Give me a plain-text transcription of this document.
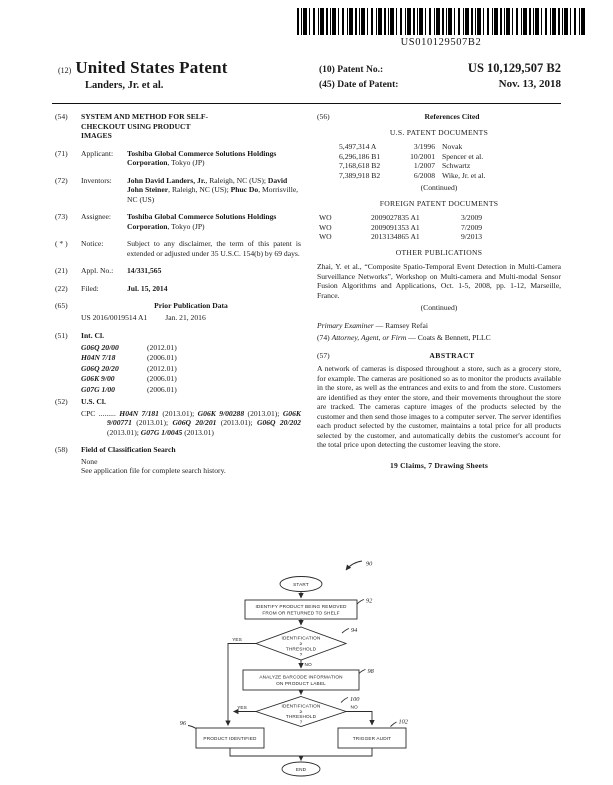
US010129507B2
(12) United States Patent
Landers, Jr. et al.
(10) Patent No.:	US 10,129,507 B2
(45) Date of Patent:	Nov. 13, 2018
(54)	SYSTEM AND METHOD FOR SELF-CHECKOUT USING PRODUCT IMAGES
(71)	Applicant:	Toshiba Global Commerce Solutions Holdings Corporation, Tokyo (JP)
(72)	Inventors:	John David Landers, Jr., Raleigh, NC (US); David John Steiner, Raleigh, NC (US); Phuc Do, Morrisville, NC (US)
(73)	Assignee:	Toshiba Global Commerce Solutions Holdings Corporation, Tokyo (JP)
( * )	Notice:	Subject to any disclaimer, the term of this patent is extended or adjusted under 35 U.S.C. 154(b) by 69 days.
(21)	Appl. No.:	14/331,565
(22)	Filed:	Jul. 15, 2014
(65)	Prior Publication Data
US 2016/0019514 A1 Jan. 21, 2016
(51)	Int. Cl.
G06Q 20/00	(2012.01)
H04N 7/18	(2006.01)
G06Q 20/20	(2012.01)
G06K 9/00	(2006.01)
G07G 1/00	(2006.01)
(52)	U.S. Cl.
CPC ......... H04N 7/181 (2013.01); G06K 9/00288 (2013.01); G06K 9/00771 (2013.01); G06Q 20/201 (2013.01); G06Q 20/202 (2013.01); G07G 1/0045 (2013.01)
(58)	Field of Classification Search
None
See application file for complete search history.
(56)	References Cited
U.S. PATENT DOCUMENTS
5,497,314 A	3/1996 Novak
6,296,186 B1	10/2001 Spencer et al.
7,168,618 B2	1/2007 Schwartz
7,389,918 B2	6/2008 Wike, Jr. et al.
(Continued)
FOREIGN PATENT DOCUMENTS
WO	2009027835 A1	3/2009
WO	2009091353 A1	7/2009
WO	2013134865 A1	9/2013
OTHER PUBLICATIONS
Zhai, Y. et al., “Composite Spatio-Temporal Event Detection in Multi-Camera Surveillance Networks”, Workshop on Multi-camera and Multi-modal Sensor Fusion Algorithms and Applications, Oct. 1-5, 2008, pp. 1-12, Marseille, France.
(Continued)
Primary Examiner — Ramsey Refai
(74) Attorney, Agent, or Firm — Coats & Bennett, PLLC
(57)	ABSTRACT
A network of cameras is disposed throughout a store, such as a grocery store, for example. The cameras are positioned so as to monitor the products available in the store, as well as the entrances and exits to and from the store. Customers are identified as they enter the store, and their movements throughout the store are tracked. The cameras capture images of the products selected by the customer and then send those images to a computer server. The server identifies each product selected by the customer, maintains a total price for all products selected by the customer, and automatically debits the customer's account for the total price upon detecting the customer leaving the store.
19 Claims, 7 Drawing Sheets
90
START
IDENTIFY PRODUCT BEING REMOVED
FROM OR RETURNED TO SHELF
92
IDENTIFICATION
≥
THRESHOLD
?
94
YES
NO
ANALYZE BARCODE INFORMATION
ON PRODUCT LABEL
98
IDENTIFICATION
≥
THRESHOLD
?
100
YES	NO
PRODUCT IDENTIFIED
96
TRIGGER AUDIT
102
END
